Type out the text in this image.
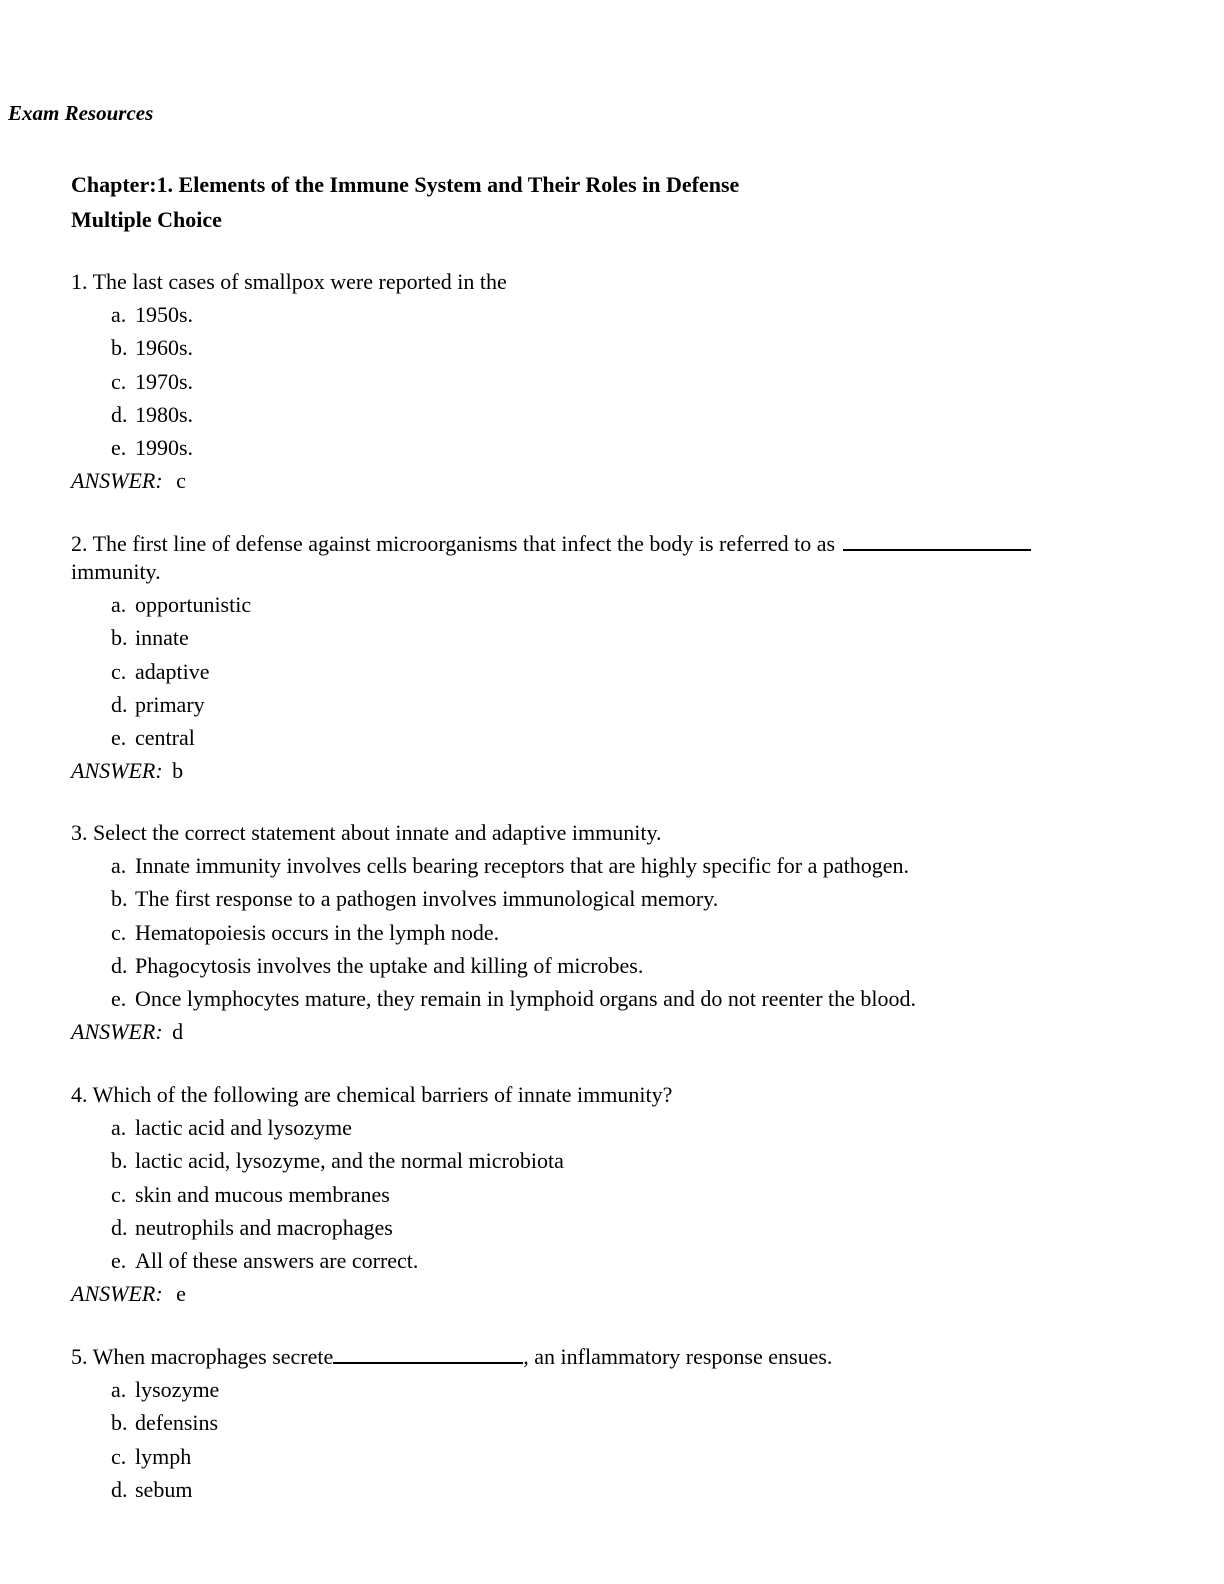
Exam Resources
Chapter:1. Elements of the Immune System and Their Roles in Defense
Multiple Choice

1. The last cases of smallpox were reported in the

a. 1950s.
b. 1960s.
c. 1970s.
d. 1980s.
e. 1990s.
ANSWER: c

2. The first line of defense against microorganisms that infect the body is referred to as
immunity.

a. opportunistic
b. innate
c. adaptive
d. primary
e. central
ANSWER: b

3. Select the correct statement about innate and adaptive immunity.

a. Innate immunity involves cells bearing receptors that are highly specific for a pathogen.
b. The first response to a pathogen involves immunological memory.
c. Hematopoiesis occurs in the lymph node.
d. Phagocytosis involves the uptake and killing of microbes.
e. Once lymphocytes mature, they remain in lymphoid organs and do not reenter the blood.
ANSWER: d

4. Which of the following are chemical barriers of innate immunity?

a. lactic acid and lysozyme
b. lactic acid, lysozyme, and the normal microbiota
c. skin and mucous membranes
d. neutrophils and macrophages
e. All of these answers are correct.
ANSWER: e

5. When macrophages secrete	, an inflammatory response ensues.

a. lysozyme
b. defensins
c. lymph
d. sebum
